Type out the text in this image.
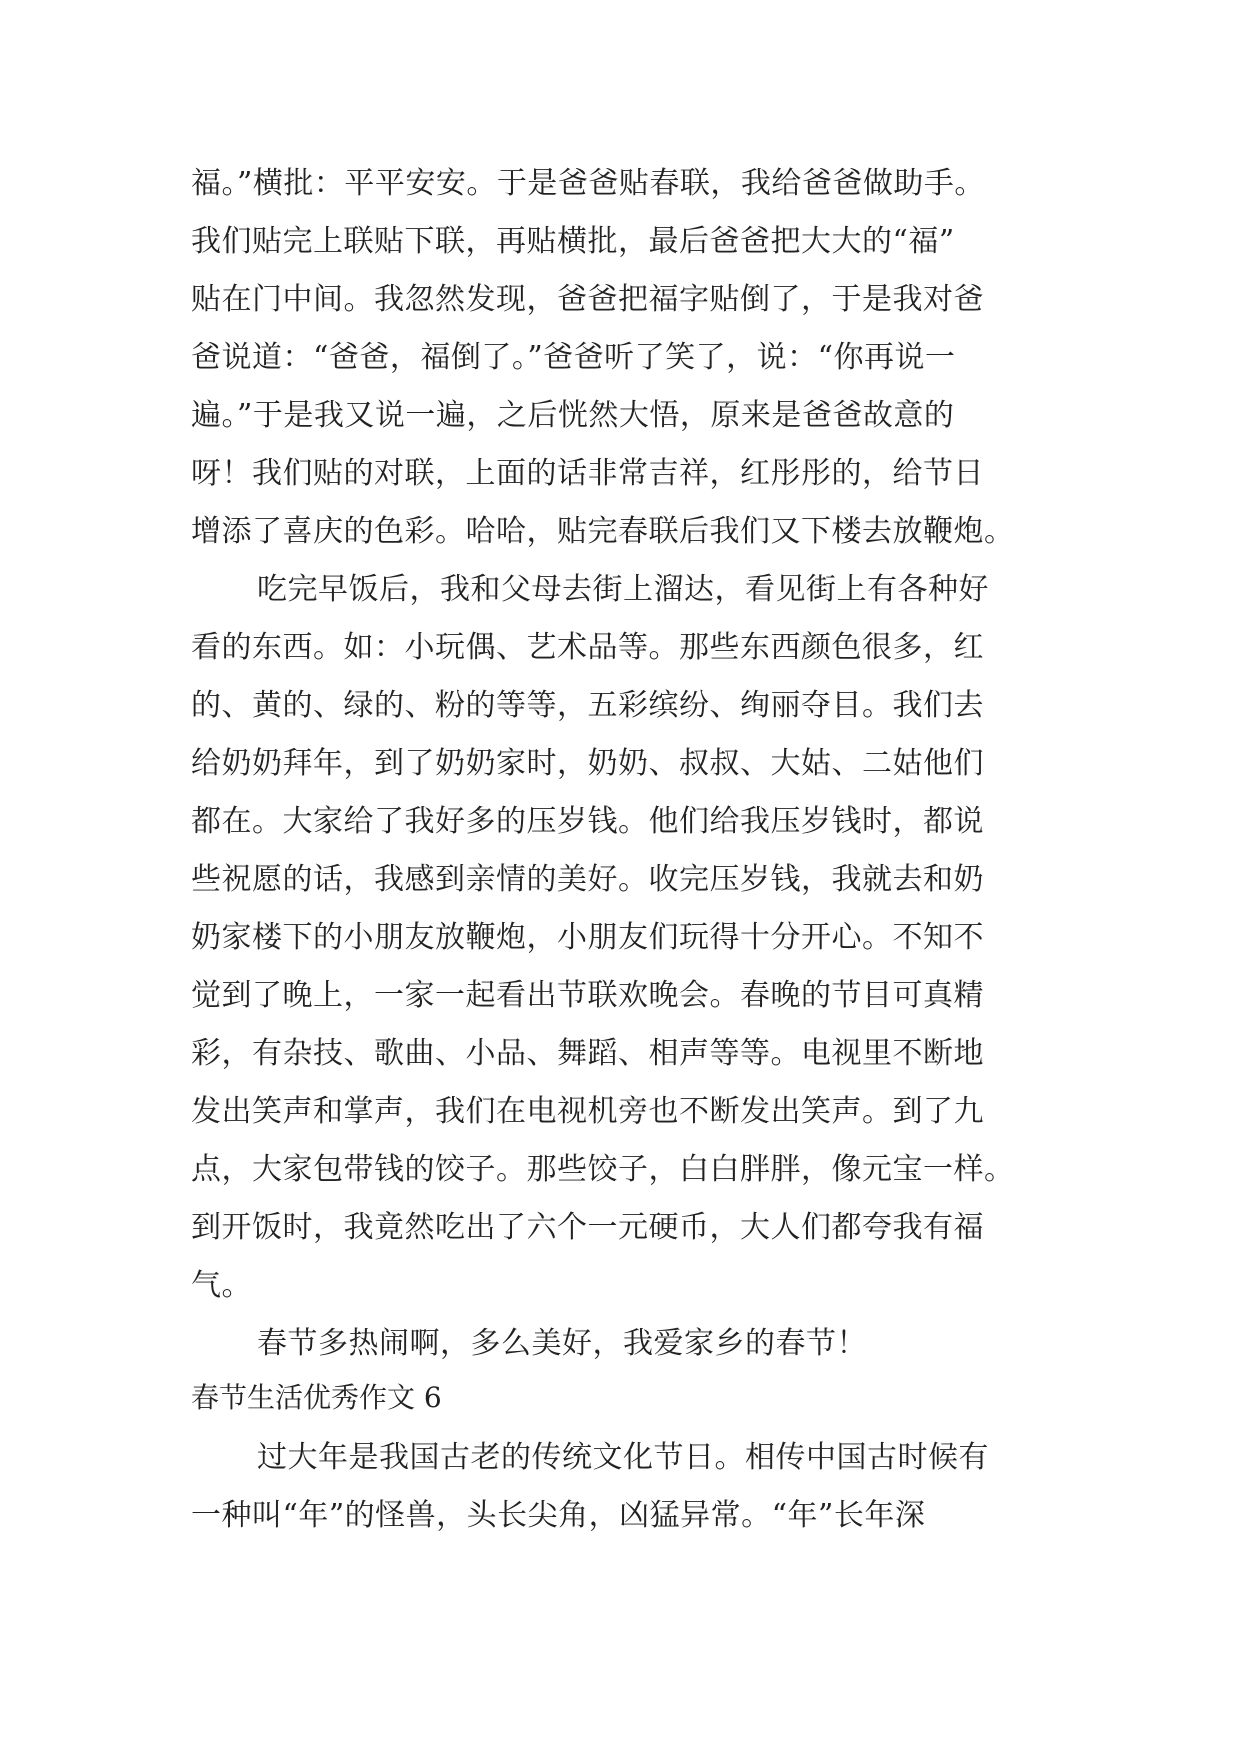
福。”横批：平平安安。于是爸爸贴春联，我给爸爸做助手。
我们贴完上联贴下联，再贴横批，最后爸爸把大大的“福”
贴在门中间。我忽然发现，爸爸把福字贴倒了，于是我对爸
爸说道：“爸爸，福倒了。”爸爸听了笑了，说：“你再说一
遍。”于是我又说一遍，之后恍然大悟，原来是爸爸故意的
呀！我们贴的对联，上面的话非常吉祥，红彤彤的，给节日
增添了喜庆的色彩。哈哈，贴完春联后我们又下楼去放鞭炮。
吃完早饭后，我和父母去街上溜达，看见街上有各种好
看的东西。如：小玩偶、艺术品等。那些东西颜色很多，红
的、黄的、绿的、粉的等等，五彩缤纷、绚丽夺目。我们去
给奶奶拜年，到了奶奶家时，奶奶、叔叔、大姑、二姑他们
都在。大家给了我好多的压岁钱。他们给我压岁钱时，都说
些祝愿的话，我感到亲情的美好。收完压岁钱，我就去和奶
奶家楼下的小朋友放鞭炮，小朋友们玩得十分开心。不知不
觉到了晚上，一家一起看出节联欢晚会。春晚的节目可真精
彩，有杂技、歌曲、小品、舞蹈、相声等等。电视里不断地
发出笑声和掌声，我们在电视机旁也不断发出笑声。到了九
点，大家包带钱的饺子。那些饺子，白白胖胖，像元宝一样。
到开饭时，我竟然吃出了六个一元硬币，大人们都夸我有福
气。
春节多热闹啊，多么美好，我爱家乡的春节！
春节生活优秀作文 6
过大年是我国古老的传统文化节日。相传中国古时候有
一种叫“年”的怪兽，头长尖角，凶猛异常。“年”长年深
